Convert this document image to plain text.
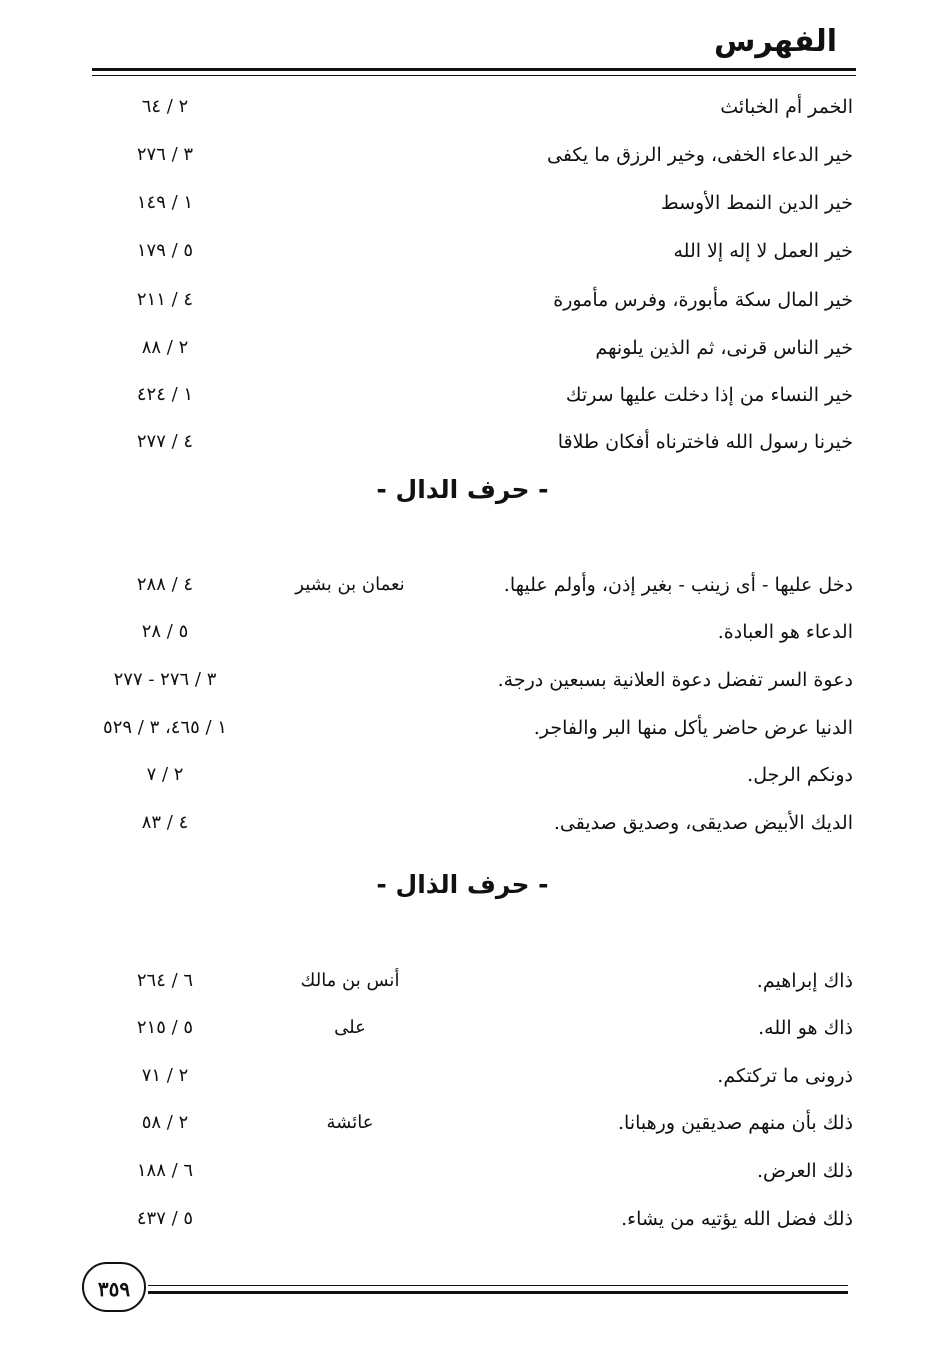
الفهرس
الخمر أم الخبائث
٢ / ٦٤
خير الدعاء الخفى، وخير الرزق ما يكفى
٣ / ٢٧٦
خير الدين النمط الأوسط
١ / ١٤٩
خير العمل لا إله إلا الله
٥ / ١٧٩
خير المال سكة مأبورة، وفرس مأمورة
٤ / ٢١١
خير الناس قرنى، ثم الذين يلونهم
٢ / ٨٨
خير النساء من إذا دخلت عليها سرتك
١ / ٤٢٤
خيرنا رسول الله فاخترناه أفكان طلاقا
٤ / ٢٧٧
- حرف الدال -
دخل عليها - أى زينب - بغير إذن، وأولم عليها.
نعمان بن بشير
٤ / ٢٨٨
الدعاء هو العبادة.
٥ / ٢٨
دعوة السر تفضل دعوة العلانية بسبعين درجة.
٣ / ٢٧٦ - ٢٧٧
الدنيا عرض حاضر يأكل منها البر والفاجر.
١ / ٤٦٥، ٣ / ٥٢٩
دونكم الرجل.
٢ / ٧
الديك الأبيض صديقى، وصديق صديقى.
٤ / ٨٣
- حرف الذال -
ذاك إبراهيم.
أنس بن مالك
٦ / ٢٦٤
ذاك هو الله.
على
٥ / ٢١٥
ذرونى ما تركتكم.
٢ / ٧١
ذلك بأن منهم صديقين ورهبانا.
عائشة
٢ / ٥٨
ذلك العرض.
٦ / ١٨٨
ذلك فضل الله يؤتيه من يشاء.
٥ / ٤٣٧
٣٥٩
